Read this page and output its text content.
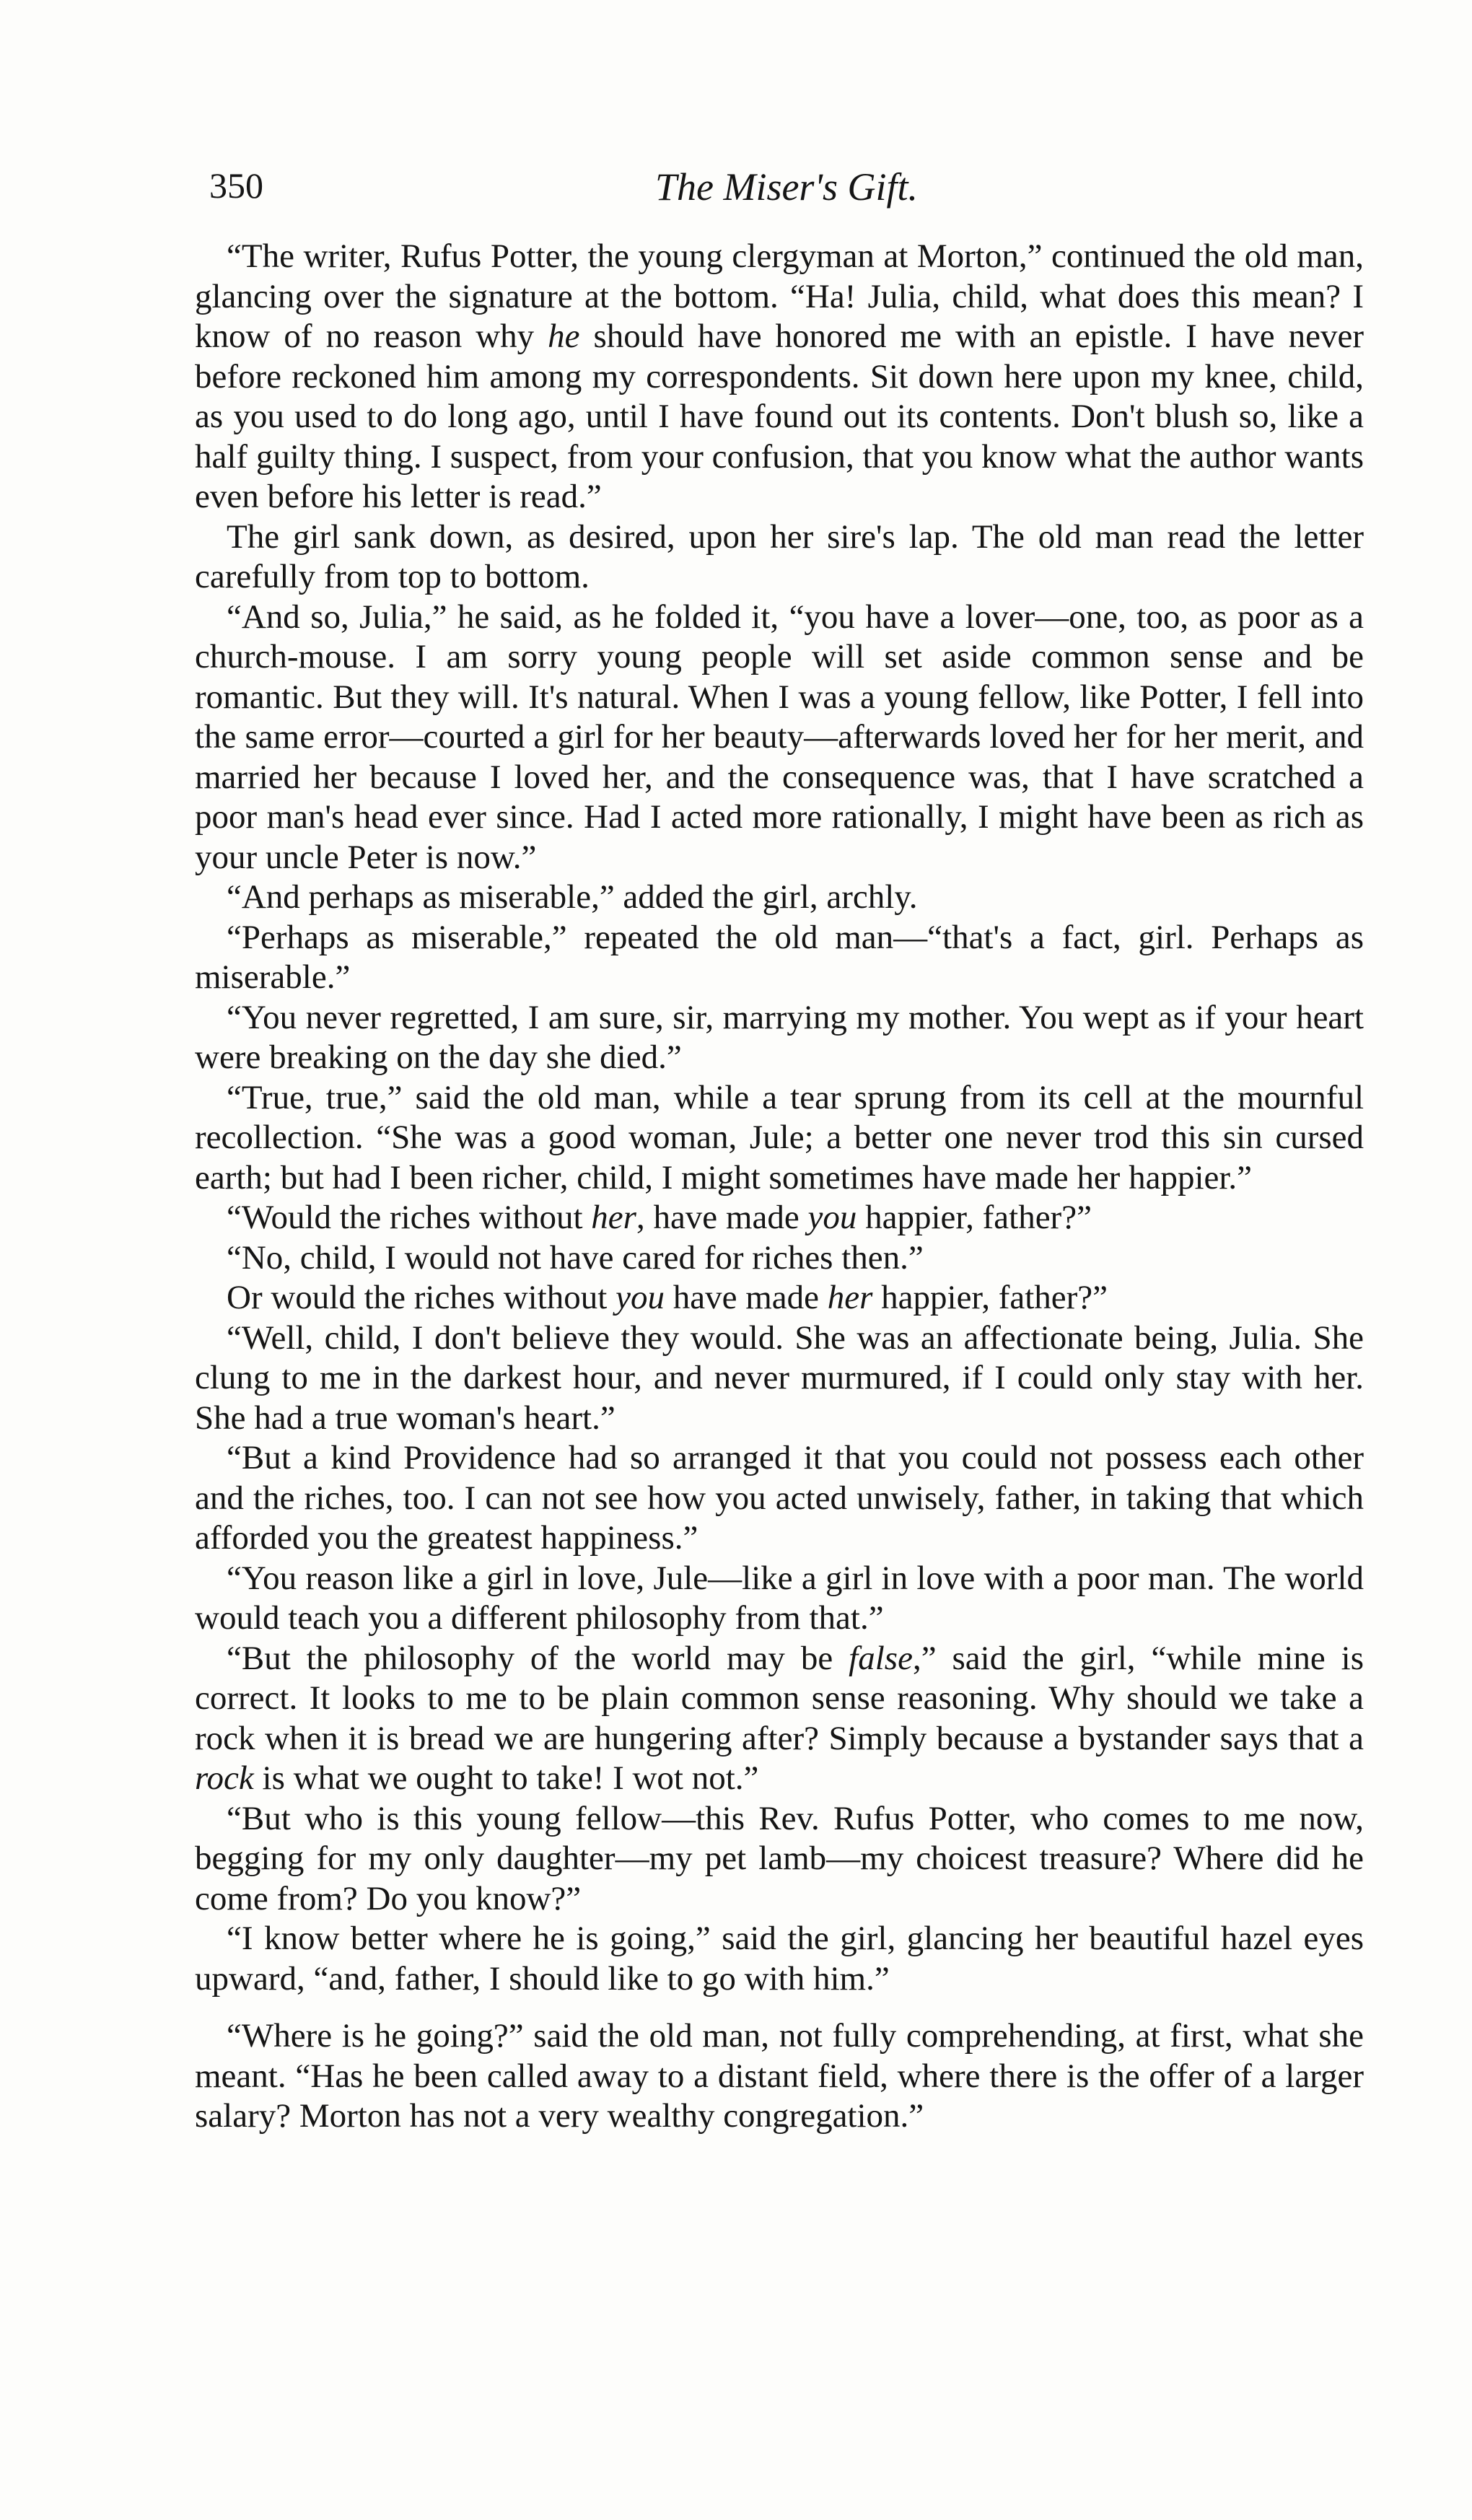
350	The Miser's Gift.

“The writer, Rufus Potter, the young clergyman at Morton,” continued the old man, glancing over the signature at the bottom. “Ha! Julia, child, what does this mean? I know of no reason why he should have honored me with an epistle. I have never before reckoned him among my correspondents. Sit down here upon my knee, child, as you used to do long ago, until I have found out its contents. Don't blush so, like a half guilty thing. I suspect, from your confusion, that you know what the author wants even before his letter is read.”

The girl sank down, as desired, upon her sire's lap. The old man read the letter carefully from top to bottom.

“And so, Julia,” he said, as he folded it, “you have a lover—one, too, as poor as a church-mouse. I am sorry young people will set aside common sense and be romantic. But they will. It's natural. When I was a young fellow, like Potter, I fell into the same error—courted a girl for her beauty—afterwards loved her for her merit, and married her because I loved her, and the consequence was, that I have scratched a poor man's head ever since. Had I acted more rationally, I might have been as rich as your uncle Peter is now.”

“And perhaps as miserable,” added the girl, archly.

“Perhaps as miserable,” repeated the old man—“that's a fact, girl. Perhaps as miserable.”

“You never regretted, I am sure, sir, marrying my mother. You wept as if your heart were breaking on the day she died.”

“True, true,” said the old man, while a tear sprung from its cell at the mournful recollection. “She was a good woman, Jule; a better one never trod this sin cursed earth; but had I been richer, child, I might sometimes have made her happier.”

“Would the riches without her, have made you happier, father?”

“No, child, I would not have cared for riches then.”

Or would the riches without you have made her happier, father?”

“Well, child, I don't believe they would. She was an affectionate being, Julia. She clung to me in the darkest hour, and never murmured, if I could only stay with her. She had a true woman's heart.”

“But a kind Providence had so arranged it that you could not possess each other and the riches, too. I can not see how you acted unwisely, father, in taking that which afforded you the greatest happiness.”

“You reason like a girl in love, Jule—like a girl in love with a poor man. The world would teach you a different philosophy from that.”

“But the philosophy of the world may be false,” said the girl, “while mine is correct. It looks to me to be plain common sense reasoning. Why should we take a rock when it is bread we are hungering after? Simply because a bystander says that a rock is what we ought to take! I wot not.”

“But who is this young fellow—this Rev. Rufus Potter, who comes to me now, begging for my only daughter—my pet lamb—my choicest treasure? Where did he come from? Do you know?”

“I know better where he is going,” said the girl, glancing her beautiful hazel eyes upward, “and, father, I should like to go with him.”

“Where is he going?” said the old man, not fully comprehending, at first, what she meant. “Has he been called away to a distant field, where there is the offer of a larger salary? Morton has not a very wealthy congregation.”
